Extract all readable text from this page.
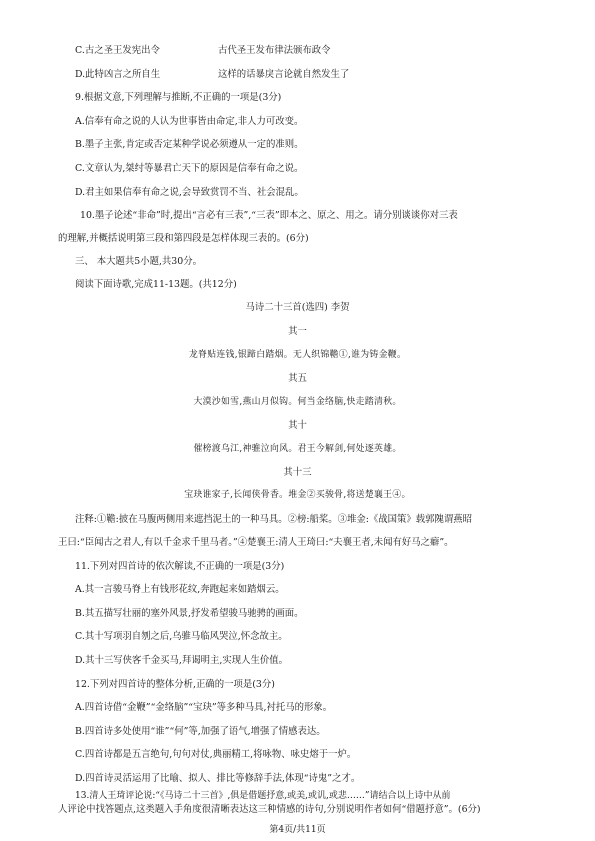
C.古之圣王发宪出令	古代圣王发布律法颁布政令
D.此特凶言之所自生	这样的话暴戾言论就自然发生了
9.根据文意,下列理解与推断,不正确的一项是(3分)
A.信奉有命之说的人认为世事皆由命定,非人力可改变。
B.墨子主张,肯定或否定某种学说必须遵从一定的准则。
C.文章认为,桀纣等暴君亡天下的原因是信奉有命之说。
D.君主如果信奉有命之说,会导致赏罚不当、社会混乱。
10.墨子论述“非命”时,提出“言必有三表”,“三表”即本之、原之、用之。请分别谈谈你对三表
的理解,并概括说明第三段和第四段是怎样体现三表的。(6分)
三、 本大题共5小题,共30分。
阅读下面诗歌,完成11-13题。(共12分)
马诗二十三首(选四) 李贺
其一
龙脊贴连钱,银蹄白踏烟。无人织锦韂①,谁为铸金鞭。
其五
大漠沙如雪,燕山月似钩。何当金络脑,快走踏清秋。
其十
催榜渡乌江,神骓泣向风。君王今解剑,何处逐英雄。
其十三
宝玦谁家子,长闻侠骨香。堆金②买骏骨,将送楚襄王④。
注释:①韂:披在马腹两侧用来遮挡泥土的一种马具。②榜:船桨。③堆金:《战国策》载郭隗谓燕昭
王曰:“臣闻古之君人,有以千金求千里马者。”④楚襄王:清人王琦曰:“夫襄王者,未闻有好马之癖”。
11.下列对四首诗的依次解读,不正确的一项是(3分)
A.其一言骏马脊上有钱形花纹,奔跑起来如踏烟云。
B.其五描写壮丽的塞外风景,抒发希望骏马驰骋的画面。
C.其十写项羽自刎之后,乌骓马临风哭泣,怀念故主。
D.其十三写侠客千金买马,拜谒明主,实现人生价值。
12.下列对四首诗的整体分析,正确的一项是(3分)
A.四首诗借“金鞭”“金络脑”“宝玦”等多种马具,衬托马的形象。
B.四首诗多处使用“谁”“何”等,加强了语气,增强了情感表达。
C.四首诗都是五言绝句,句句对仗,典丽精工,将咏物、咏史熔于一炉。
D.四首诗灵活运用了比喻、拟人、排比等修辞手法,体现“诗鬼”之才。
13.清人王琦评论说:“《马诗二十三首》,俱是借题抒意,或美,或讥,或悲……”请结合以上诗中从前
第4页/共11页
人评论中找答题点,这类题入手角度很清晰表达这三种情感的诗句,分别说明作者如何“借题抒意”。(6分)
